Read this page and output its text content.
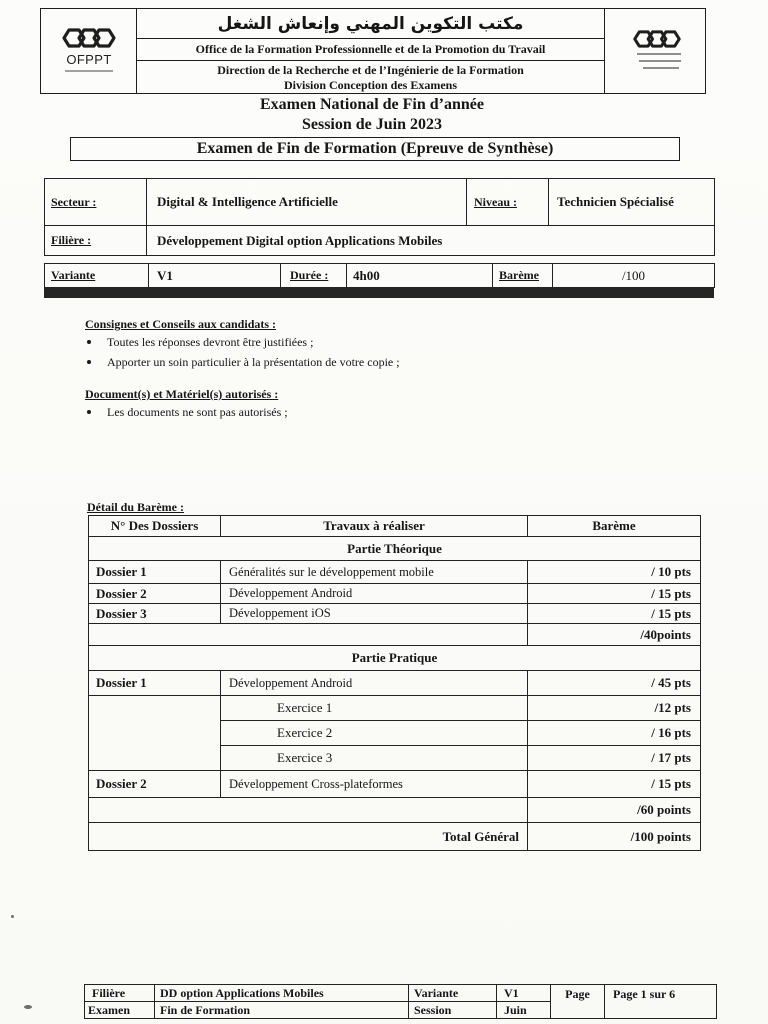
OFPPT
مكتب التكوين المهني وإنعاش الشغل
Office de la Formation Professionnelle et de la Promotion du Travail
Direction de la Recherche et de l’Ingénierie de la Formation
Division Conception des Examens
Examen National de Fin d’année
Session de Juin 2023
Examen de Fin de Formation (Epreuve de Synthèse)
Secteur :	Digital & Intelligence Artificielle	Niveau :	Technicien Spécialisé
Filière :	Développement Digital option Applications Mobiles		
Variante	V1	Durée :	4h00	Barème	/100
Consignes et Conseils aux candidats :
Toutes les réponses devront être justifiées ;
Apporter un soin particulier à la présentation de votre copie ;
Document(s) et Matériel(s) autorisés :
Les documents ne sont pas autorisés ;
Détail du Barème :
N° Des Dossiers	Travaux à réaliser	Barème
Partie Théorique		
Dossier 1	Généralités sur le développement mobile	/ 10 pts
Dossier 2	Développement Android	/ 15 pts
Dossier 3	Développement iOS	/ 15 pts
		/40points
Partie Pratique		
Dossier 1	Développement Android	/ 45 pts
	Exercice 1	/12 pts
	Exercice 2	/ 16 pts
	Exercice 3	/ 17 pts
Dossier 2	Développement Cross-plateformes	/ 15 pts
		/60 points
Total Général		/100 points
Filière	DD option Applications Mobiles	Variante	V1	Page	Page 1 sur 6
Examen	Fin de Formation	Session	Juin		
